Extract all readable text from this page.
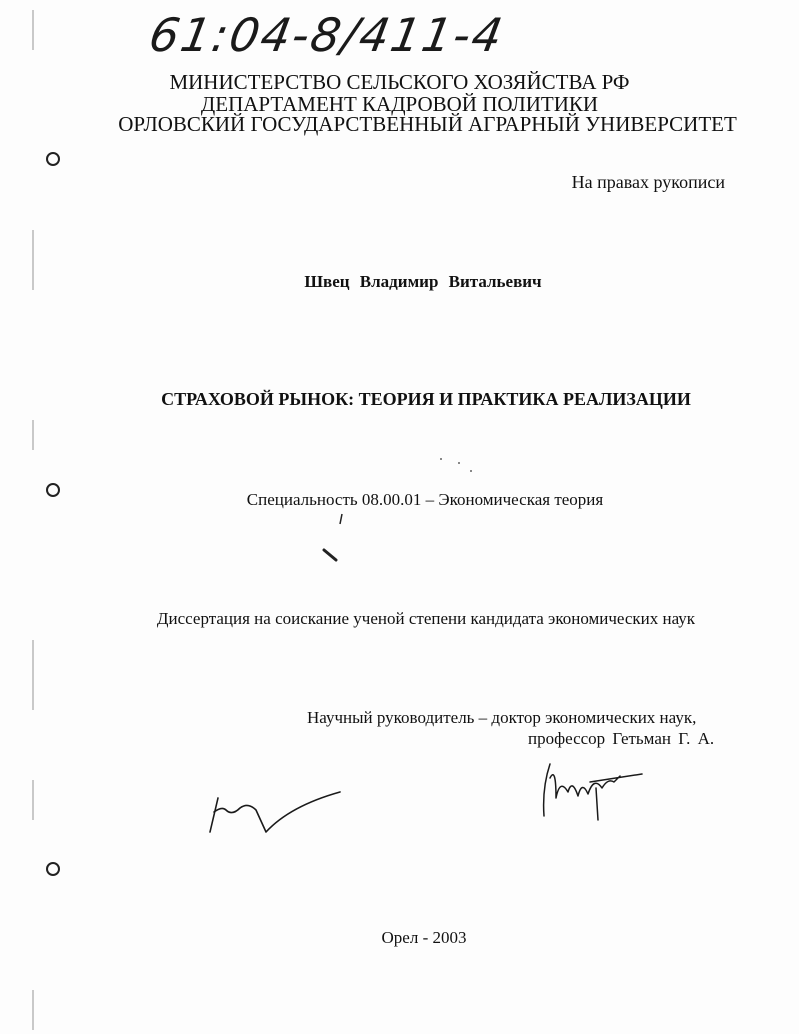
61:04-8/411-4
МИНИСТЕРСТВО СЕЛЬСКОГО ХОЗЯЙСТВА РФ
ДЕПАРТАМЕНТ КАДРОВОЙ ПОЛИТИКИ
ОРЛОВСКИЙ ГОСУДАРСТВЕННЫЙ АГРАРНЫЙ УНИВЕРСИТЕТ
На правах рукописи
Швец Владимир Витальевич
СТРАХОВОЙ РЫНОК: ТЕОРИЯ И ПРАКТИКА РЕАЛИЗАЦИИ
Специальность 08.00.01 – Экономическая теория
Диссертация на соискание ученой степени кандидата экономических наук
Научный руководитель – доктор экономических наук,
профессор Гетьман Г. А.
Орел - 2003
